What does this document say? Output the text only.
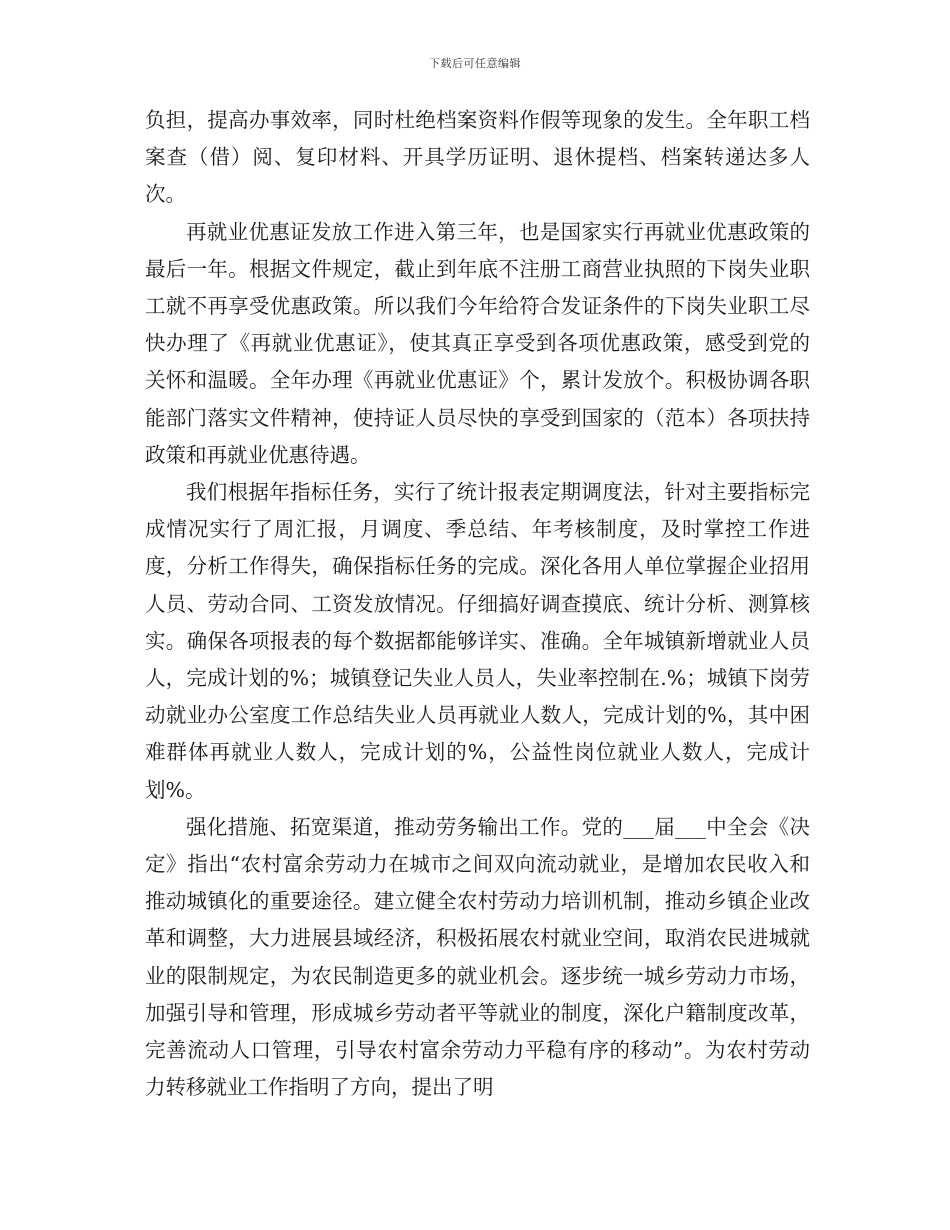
下载后可任意编辑

负担，提高办事效率，同时杜绝档案资料作假等现象的发生。全年职工档案查（借）阅、复印材料、开具学历证明、退休提档、档案转递达多人次。

再就业优惠证发放工作进入第三年，也是国家实行再就业优惠政策的最后一年。根据文件规定，截止到年底不注册工商营业执照的下岗失业职工就不再享受优惠政策。所以我们今年给符合发证条件的下岗失业职工尽快办理了《再就业优惠证》，使其真正享受到各项优惠政策，感受到党的关怀和温暖。全年办理《再就业优惠证》个，累计发放个。积极协调各职能部门落实文件精神，使持证人员尽快的享受到国家的（范本）各项扶持政策和再就业优惠待遇。

我们根据年指标任务，实行了统计报表定期调度法，针对主要指标完成情况实行了周汇报，月调度、季总结、年考核制度，及时掌控工作进度，分析工作得失，确保指标任务的完成。深化各用人单位掌握企业招用人员、劳动合同、工资发放情况。仔细搞好调查摸底、统计分析、测算核实。确保各项报表的每个数据都能够详实、准确。全年城镇新增就业人员人，完成计划的%；城镇登记失业人员人，失业率控制在.%；城镇下岗劳动就业办公室度工作总结失业人员再就业人数人，完成计划的%，其中困难群体再就业人数人，完成计划的%，公益性岗位就业人数人，完成计划%。

强化措施、拓宽渠道，推动劳务输出工作。党的___届___中全会《决定》指出“农村富余劳动力在城市之间双向流动就业，是增加农民收入和推动城镇化的重要途径。建立健全农村劳动力培训机制，推动乡镇企业改革和调整，大力进展县域经济，积极拓展农村就业空间，取消农民进城就业的限制规定，为农民制造更多的就业机会。逐步统一城乡劳动力市场，加强引导和管理，形成城乡劳动者平等就业的制度，深化户籍制度改革，完善流动人口管理，引导农村富余劳动力平稳有序的移动”。为农村劳动力转移就业工作指明了方向，提出了明
